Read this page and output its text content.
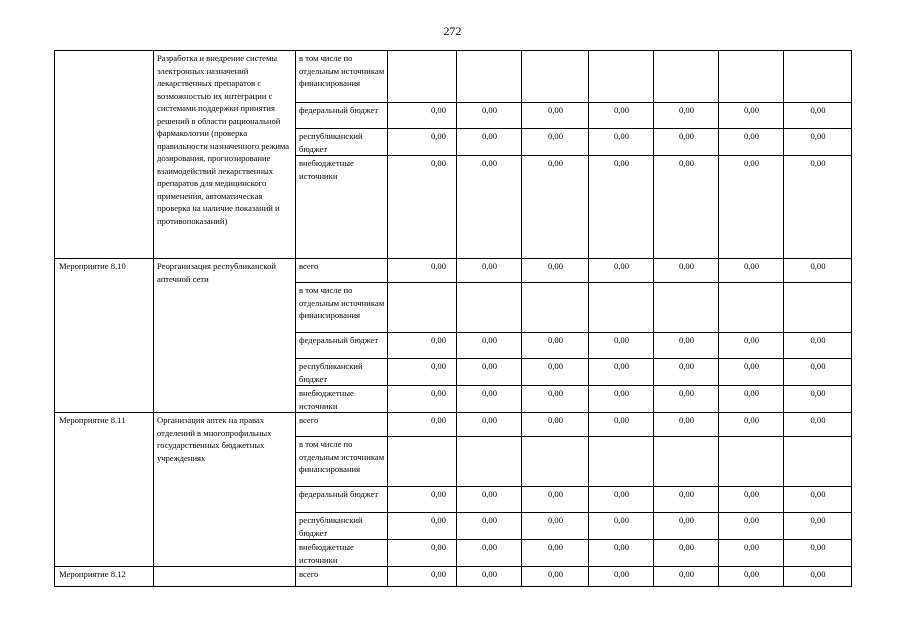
272
	Разработка и внедрение системы электронных назначений лекарственных препаратов с возможностью их интеграции с системами поддержки принятия решений в области рациональной фармакологии (проверка правильности назначенного режима дозирования, прогнозирование взаимодействий лекарственных препаратов для медицинского применения, автоматическая проверка на наличие показаний и противопоказаний)	в том числе по отдельным источникам финансирования							
		федеральный бюджет	0,00	0,00	0,00	0,00	0,00	0,00	0,00
		республиканский бюджет	0,00	0,00	0,00	0,00	0,00	0,00	0,00
		внебюджетные источники	0,00	0,00	0,00	0,00	0,00	0,00	0,00
Мероприятие 8.10	Реорганизация республиканской аптечной сети	всего	0,00	0,00	0,00	0,00	0,00	0,00	0,00
		в том числе по отдельным источникам финансирования							
		федеральный бюджет	0,00	0,00	0,00	0,00	0,00	0,00	0,00
		республиканский бюджет	0,00	0,00	0,00	0,00	0,00	0,00	0,00
		внебюджетные источники	0,00	0,00	0,00	0,00	0,00	0,00	0,00
Мероприятие 8.11	Организация аптек на правах отделений в многопрофильных государственных бюджетных учреждениях	всего	0,00	0,00	0,00	0,00	0,00	0,00	0,00
		в том числе по отдельным источникам финансирования							
		федеральный бюджет	0,00	0,00	0,00	0,00	0,00	0,00	0,00
		республиканский бюджет	0,00	0,00	0,00	0,00	0,00	0,00	0,00
		внебюджетные источники	0,00	0,00	0,00	0,00	0,00	0,00	0,00
Мероприятие 8.12		всего	0,00	0,00	0,00	0,00	0,00	0,00	0,00
